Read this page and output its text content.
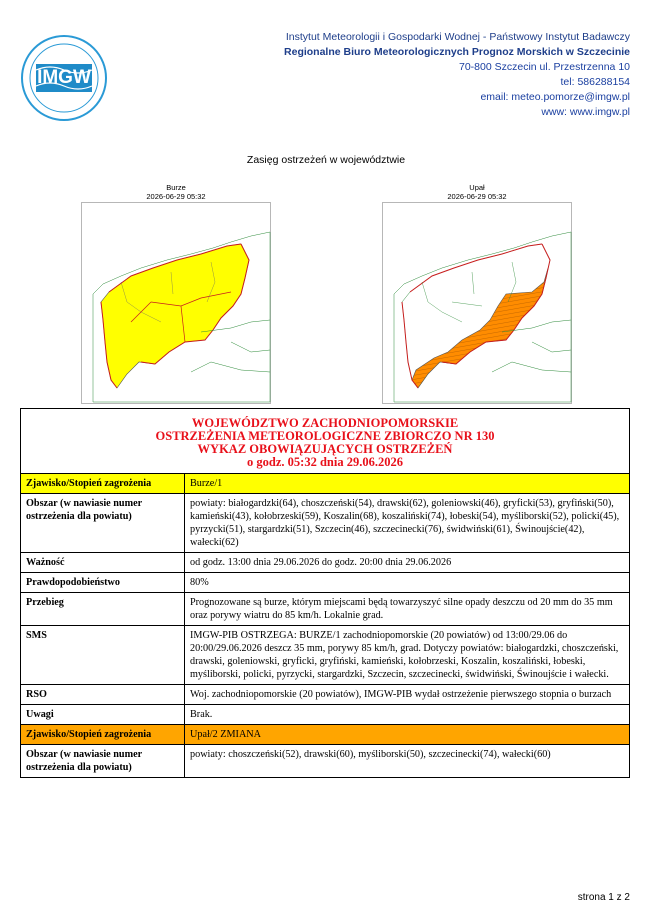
IMGW
Instytut Meteorologii i Gospodarki Wodnej - Państwowy Instytut Badawczy
Regionalne Biuro Meteorologicznych Prognoz Morskich w Szczecinie
70-800 Szczecin ul. Przestrzenna 10
tel: 586288154
email: meteo.pomorze@imgw.pl
www: www.imgw.pl
Zasięg ostrzeżeń w województwie
Burze
2026-06-29 05:32
Upał
2026-06-29 05:32
WOJEWÓDZTWO ZACHODNIOPOMORSKIE
OSTRZEŻENIA METEOROLOGICZNE ZBIORCZO NR 130
WYKAZ OBOWIĄZUJĄCYCH OSTRZEŻEŃ
o godz. 05:32 dnia 29.06.2026	

Zjawisko/Stopień zagrożenia	Burze/1
Obszar (w nawiasie numer ostrzeżenia dla powiatu)	powiaty: białogardzki(64), choszczeński(54), drawski(62), goleniowski(46), gryficki(53), gryfiński(50), kamieński(43), kołobrzeski(59), Koszalin(68), koszaliński(74), łobeski(54), myśliborski(52), policki(45), pyrzycki(51), stargardzki(51), Szczecin(46), szczecinecki(76), świdwiński(61), Świnoujście(42), wałecki(62)
Ważność	od godz. 13:00 dnia 29.06.2026 do godz. 20:00 dnia 29.06.2026
Prawdopodobieństwo	80%
Przebieg	Prognozowane są burze, którym miejscami będą towarzyszyć silne opady deszczu od 20 mm do 35 mm oraz porywy wiatru do 85 km/h. Lokalnie grad.
SMS	IMGW-PIB OSTRZEGA: BURZE/1 zachodniopomorskie (20 powiatów) od 13:00/29.06 do 20:00/29.06.2026 deszcz 35 mm, porywy 85 km/h, grad. Dotyczy powiatów: białogardzki, choszczeński, drawski, goleniowski, gryficki, gryfiński, kamieński, kołobrzeski, Koszalin, koszaliński, łobeski, myśliborski, policki, pyrzycki, stargardzki, Szczecin, szczecinecki, świdwiński, Świnoujście i wałecki.
RSO	Woj. zachodniopomorskie (20 powiatów), IMGW-PIB wydał ostrzeżenie pierwszego stopnia o burzach
Uwagi	Brak.
Zjawisko/Stopień zagrożenia	Upał/2 ZMIANA
Obszar (w nawiasie numer ostrzeżenia dla powiatu)	powiaty: choszczeński(52), drawski(60), myśliborski(50), szczecinecki(74), wałecki(60)
strona 1 z 2
